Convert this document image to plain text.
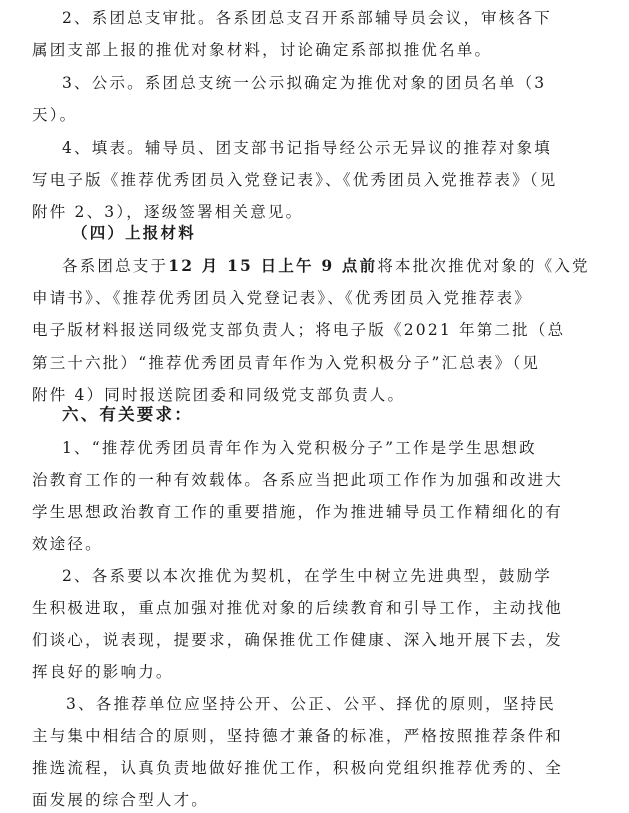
2、系团总支审批。各系团总支召开系部辅导员会议，审核各下
属团支部上报的推优对象材料，讨论确定系部拟推优名单。
3、公示。系团总支统一公示拟确定为推优对象的团员名单（3
天）。
4、填表。辅导员、团支部书记指导经公示无异议的推荐对象填
写电子版《推荐优秀团员入党登记表》、《优秀团员入党推荐表》（见
附件 2、3），逐级签署相关意见。
（四）上报材料
各系团总支于12 月 15 日上午 9 点前将本批次推优对象的《入党
申请书》、《推荐优秀团员入党登记表》、《优秀团员入党推荐表》
电子版材料报送同级党支部负责人；将电子版《2021 年第二批（总
第三十六批）“推荐优秀团员青年作为入党积极分子”汇总表》（见
附件 4）同时报送院团委和同级党支部负责人。
六、有关要求：
1、“推荐优秀团员青年作为入党积极分子”工作是学生思想政
治教育工作的一种有效载体。各系应当把此项工作作为加强和改进大
学生思想政治教育工作的重要措施，作为推进辅导员工作精细化的有
效途径。
2、各系要以本次推优为契机，在学生中树立先进典型，鼓励学
生积极进取，重点加强对推优对象的后续教育和引导工作，主动找他
们谈心，说表现，提要求，确保推优工作健康、深入地开展下去，发
挥良好的影响力。
3、各推荐单位应坚持公开、公正、公平、择优的原则，坚持民
主与集中相结合的原则，坚持德才兼备的标准，严格按照推荐条件和
推选流程，认真负责地做好推优工作，积极向党组织推荐优秀的、全
面发展的综合型人才。
